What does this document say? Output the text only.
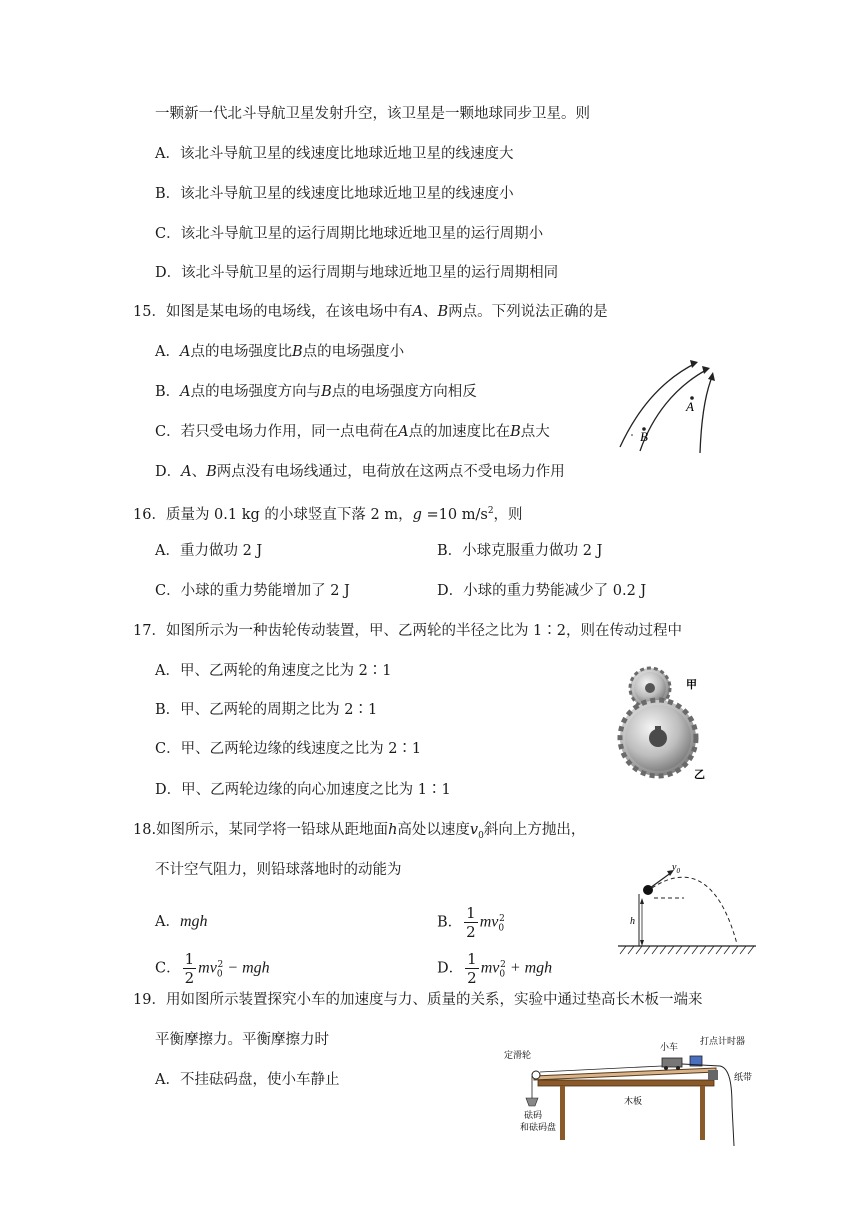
一颗新一代北斗导航卫星发射升空，该卫星是一颗地球同步卫星。则
A．该北斗导航卫星的线速度比地球近地卫星的线速度大
B．该北斗导航卫星的线速度比地球近地卫星的线速度小
C．该北斗导航卫星的运行周期比地球近地卫星的运行周期小
D．该北斗导航卫星的运行周期与地球近地卫星的运行周期相同
15．如图是某电场的电场线，在该电场中有A、B两点。下列说法正确的是
A．A点的电场强度比B点的电场强度小
B．A点的电场强度方向与B点的电场强度方向相反
C．若只受电场力作用，同一点电荷在A点的加速度比在B点大
D．A、B两点没有电场线通过，电荷放在这两点不受电场力作用
A
B
16．质量为 0.1 kg 的小球竖直下落 2 m，g =10 $m/s^2$，则
A．重力做功 2 J	B．小球克服重力做功 2 J
C．小球的重力势能增加了 2 J	D．小球的重力势能减少了 0.2 J
17．如图所示为一种齿轮传动装置，甲、乙两轮的半径之比为 1∶2，则在传动过程中
A．甲、乙两轮的角速度之比为 2∶1
B．甲、乙两轮的周期之比为 2∶1
C．甲、乙两轮边缘的线速度之比为 2∶1
D．甲、乙两轮边缘的向心加速度之比为 1∶1
甲
乙
18.如图所示，某同学将一铅球从距地面h高处以速度$v_0$斜向上方抛出，
不计空气阻力，则铅球落地时的动能为
A．mgh	B． $\frac{1}{2} mv_0^2$
C． $\frac{1}{2} mv_0^2$ − mgh	D． $\frac{1}{2} mv_0^2$ + mgh
h
$v_0$
19．用如图所示装置探究小车的加速度与力、质量的关系，实验中通过垫高长木板一端来
平衡摩擦力。平衡摩擦力时
A．不挂砝码盘，使小车静止
定滑轮
小车
打点计时器
纸带
木板
砝码
和砝码盘
